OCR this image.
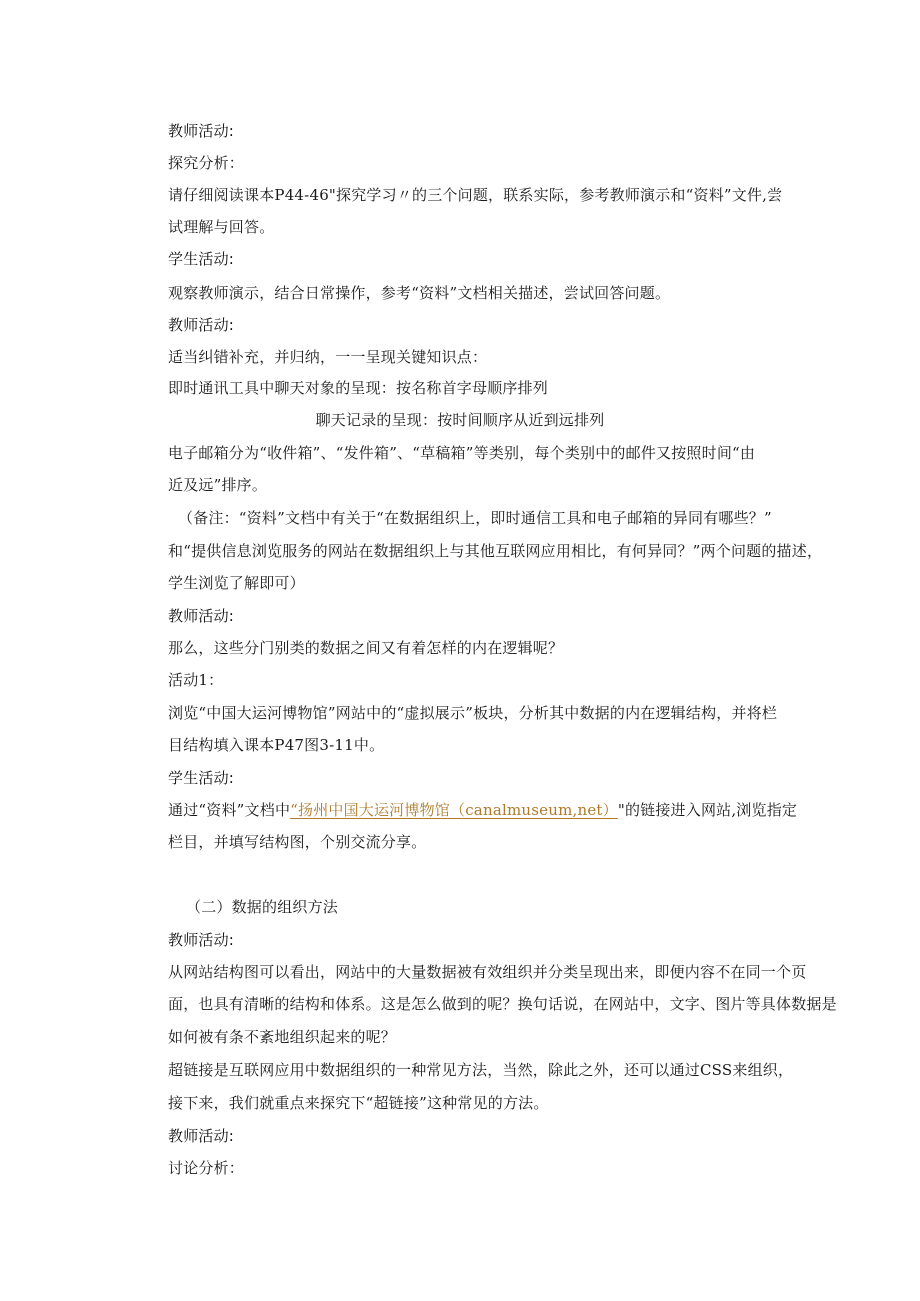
教师活动:
探究分析：
请仔细阅读课本P44-46"探究学习〃的三个问题，联系实际，参考教师演示和“资料”文件,尝
试理解与回答。
学生活动:
观察教师演示，结合日常操作，参考“资料”文档相关描述，尝试回答问题。
教师活动:
适当纠错补充，并归纳，一一呈现关键知识点：
即时通讯工具中聊天对象的呈现：按名称首字母顺序排列
聊天记录的呈现：按时间顺序从近到远排列
电子邮箱分为“收件箱”、“发件箱”、“草稿箱”等类别，每个类别中的邮件又按照时间“由
近及远”排序。
（备注：“资料”文档中有关于“在数据组织上，即时通信工具和电子邮箱的异同有哪些？”
和“提供信息浏览服务的网站在数据组织上与其他互联网应用相比，有何异同？”两个问题的描述，
学生浏览了解即可）
教师活动:
那么，这些分门别类的数据之间又有着怎样的内在逻辑呢？
活动1：
浏览“中国大运河博物馆”网站中的“虚拟展示”板块，分析其中数据的内在逻辑结构，并将栏
目结构填入课本P47图3-11中。
学生活动:
通过“资料”文档中“扬州中国大运河博物馆（canalmuseum,net）"的链接进入网站,浏览指定
栏目，并填写结构图，个别交流分享。
（二）数据的组织方法
教师活动:
从网站结构图可以看出，网站中的大量数据被有效组织并分类呈现出来，即便内容不在同一个页
面，也具有清晰的结构和体系。这是怎么做到的呢？换句话说，在网站中，文字、图片等具体数据是
如何被有条不紊地组织起来的呢？
超链接是互联网应用中数据组织的一种常见方法，当然，除此之外，还可以通过CSS来组织，
接下来，我们就重点来探究下“超链接”这种常见的方法。
教师活动:
讨论分析：
